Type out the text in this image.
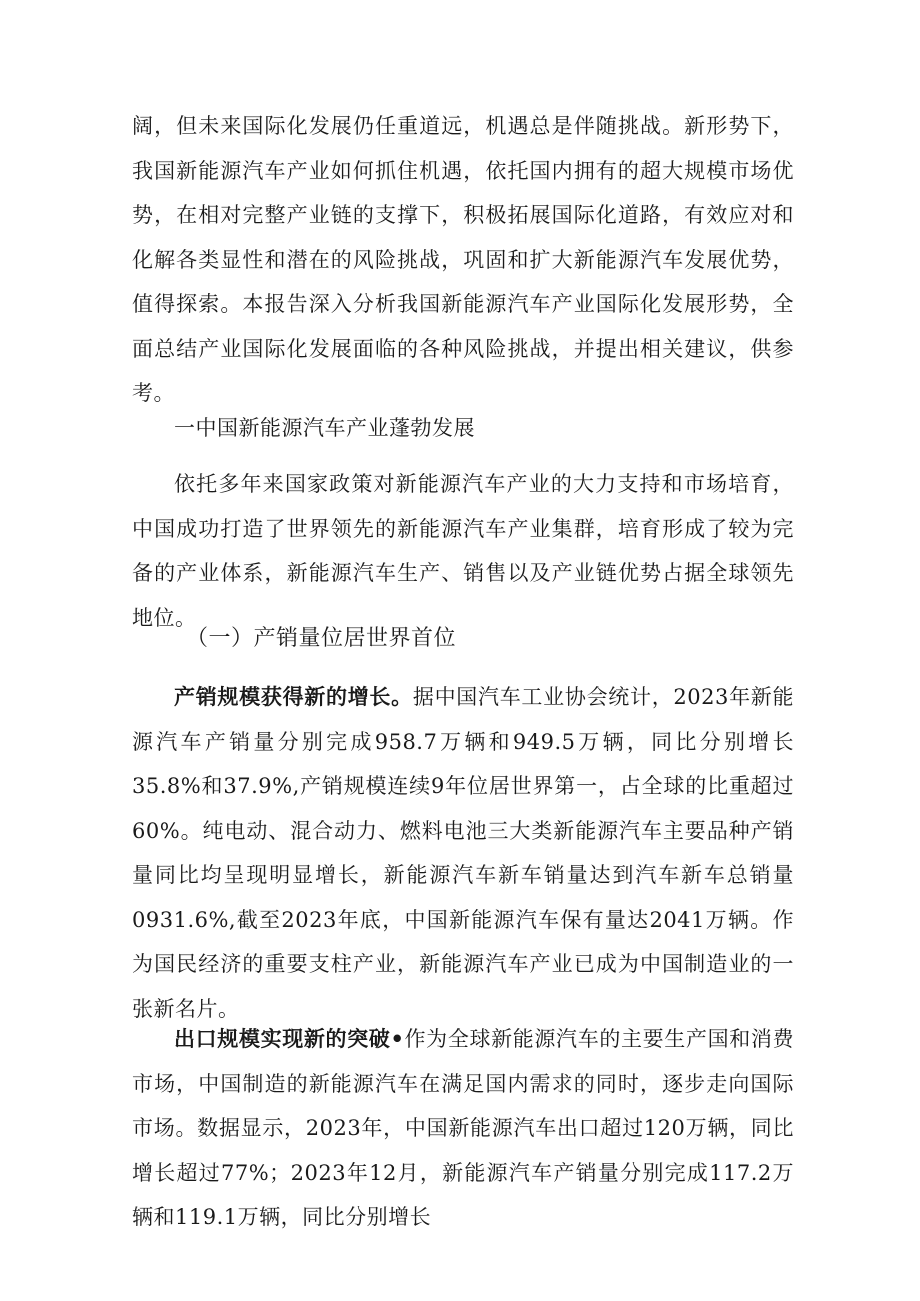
阔，但未来国际化发展仍任重道远，机遇总是伴随挑战。新形势下，我国新能源汽车产业如何抓住机遇，依托国内拥有的超大规模市场优势，在相对完整产业链的支撑下，积极拓展国际化道路，有效应对和化解各类显性和潜在的风险挑战，巩固和扩大新能源汽车发展优势，值得探索。本报告深入分析我国新能源汽车产业国际化发展形势，全面总结产业国际化发展面临的各种风险挑战，并提出相关建议，供参考。

一中国新能源汽车产业蓬勃发展

依托多年来国家政策对新能源汽车产业的大力支持和市场培育，中国成功打造了世界领先的新能源汽车产业集群，培育形成了较为完备的产业体系，新能源汽车生产、销售以及产业链优势占据全球领先地位。

（一）产销量位居世界首位

产销规模获得新的增长。据中国汽车工业协会统计，2023年新能源汽车产销量分别完成958.7万辆和949.5万辆，同比分别增长35.8%和37.9%,产销规模连续9年位居世界第一，占全球的比重超过60%。纯电动、混合动力、燃料电池三大类新能源汽车主要品种产销量同比均呈现明显增长，新能源汽车新车销量达到汽车新车总销量0931.6%,截至2023年底，中国新能源汽车保有量达2041万辆。作为国民经济的重要支柱产业，新能源汽车产业已成为中国制造业的一张新名片。

出口规模实现新的突破•作为全球新能源汽车的主要生产国和消费市场，中国制造的新能源汽车在满足国内需求的同时，逐步走向国际市场。数据显示，2023年，中国新能源汽车出口超过120万辆，同比增长超过77%；2023年12月，新能源汽车产销量分别完成117.2万辆和119.1万辆，同比分别增长
